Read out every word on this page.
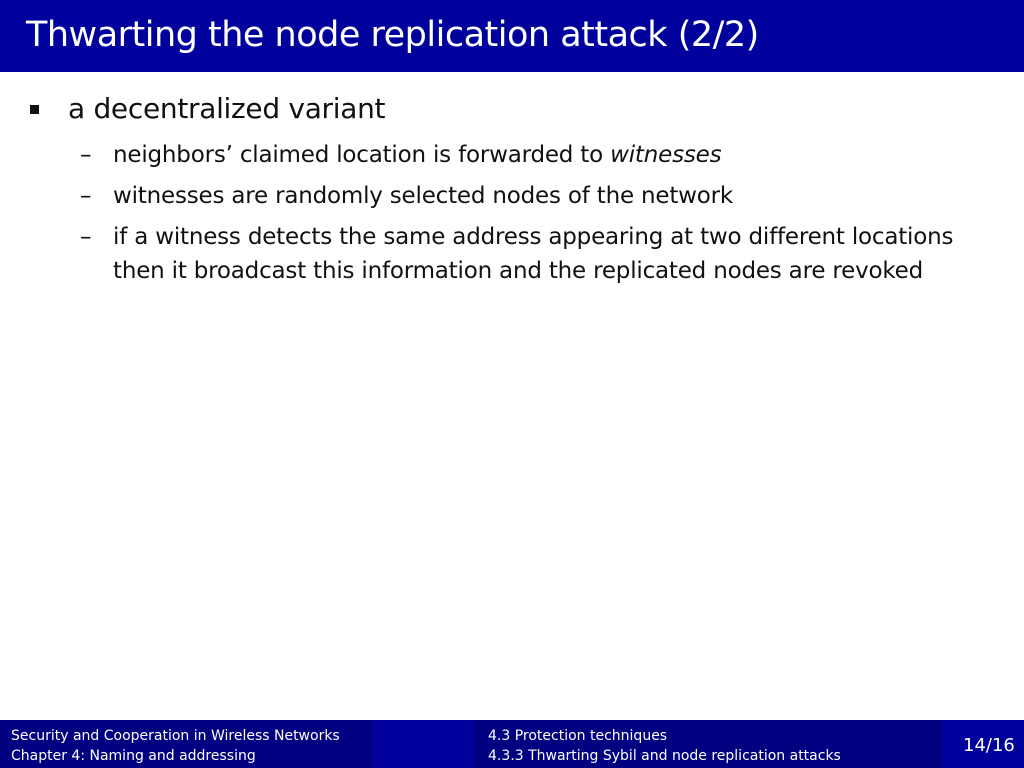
Thwarting the node replication attack (2/2)
a decentralized variant
– neighbors’ claimed location is forwarded to witnesses
– witnesses are randomly selected nodes of the network
– if a witness detects the same address appearing at two different locations then it broadcast this information and the replicated nodes are revoked
Security and Cooperation in Wireless Networks
Chapter 4: Naming and addressing
4.3 Protection techniques
4.3.3 Thwarting Sybil and node replication attacks	14/16
